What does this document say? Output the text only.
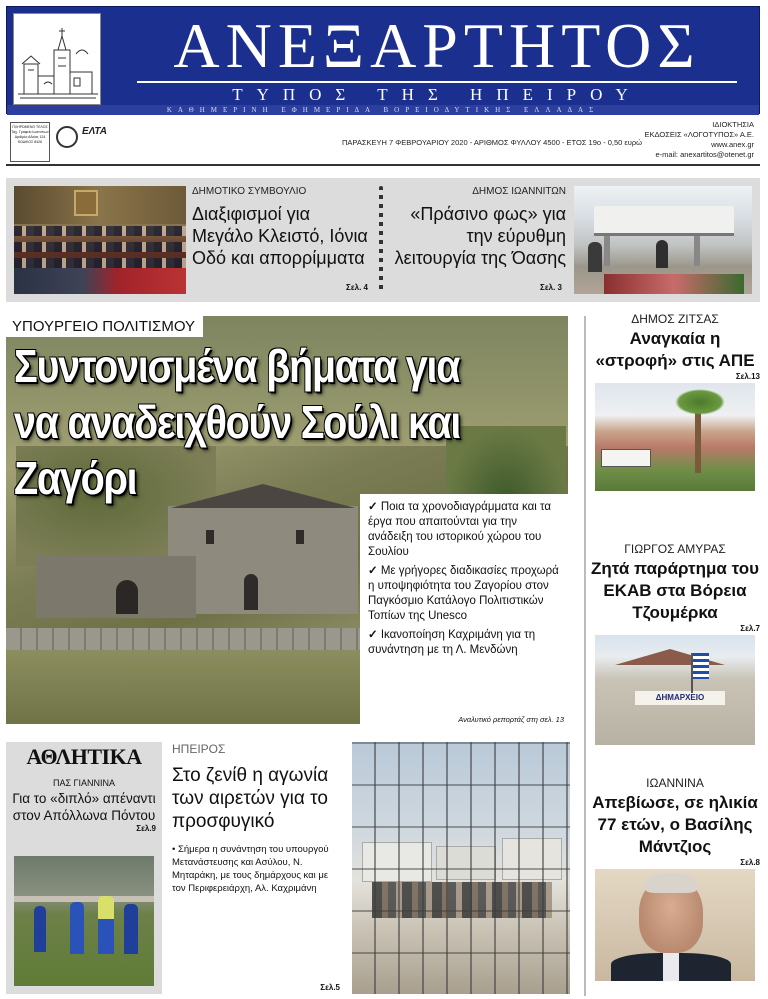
ΑΝΕΞΑΡΤΗΤΟΣ
ΤΥΠΟΣ ΤΗΣ ΗΠΕΙΡΟΥ
ΚΑΘΗΜΕΡΙΝΗ ΕΦΗΜΕΡΙΔΑ ΒΟΡΕΙΟΔΥΤΙΚΗΣ ΕΛΛΑΔΑΣ
ΠΛΗΡΩΜΕΝΟ ΤΕΛΟΣ Ταχ. Γραφείο Ιωαννίνων Αριθμός Αδείας 124 ΚΩΔΙΚΟΣ 8426
ΕΛΤΑ
ΠΑΡΑΣΚΕΥΗ 7 ΦΕΒΡΟΥΑΡΙΟΥ 2020 - ΑΡΙΘΜΟΣ ΦΥΛΛΟΥ 4500 - ΕΤΟΣ 19ο - 0,50 ευρώ
ΙΔΙΟΚΤΗΣΙΑ
ΕΚΔΟΣΕΙΣ «ΛΟΓΟΤΥΠΟΣ» Α.Ε.
www.anex.gr
e-mail: anexartitos@otenet.gr
ΔΗΜΟΤΙΚΟ ΣΥΜΒΟΥΛΙΟ
Διαξιφισμοί για Μεγάλο Κλειστό, Ιόνια Οδό και απορρίμματα
Σελ. 4
ΔΗΜΟΣ ΙΩΑΝΝΙΤΩΝ
«Πράσινο φως» για την εύρυθμη λειτουργία της Όασης
Σελ. 3
ΥΠΟΥΡΓΕΙΟ ΠΟΛΙΤΙΣΜΟΥ
Συντονισμένα βήματα για να αναδειχθούν Σούλι και Ζαγόρι
✓ Ποια τα χρονοδιαγράμματα και τα έργα που απαιτούνται για την ανάδειξη του ιστορικού χώρου του Σουλίου
✓ Με γρήγορες διαδικασίες προχωρά η υποψηφιότητα του Ζαγορίου στον Παγκόσμιο Κατάλογο Πολιτιστικών Τοπίων της Unesco
✓ Ικανοποίηση Καχριμάνη για τη συνάντηση με τη Λ. Μενδώνη
Αναλυτικό ρεπορτάζ στη σελ. 13
ΔΗΜΟΣ ΖΙΤΣΑΣ
Αναγκαία η «στροφή» στις ΑΠΕ
Σελ.13
ΓΙΩΡΓΟΣ ΑΜΥΡΑΣ
Ζητά παράρτημα του ΕΚΑΒ στα Βόρεια Τζουμέρκα
Σελ.7
ΔΗΜΑΡΧΕΙΟ
ΙΩΑΝΝΙΝΑ
Απεβίωσε, σε ηλικία 77 ετών, ο Βασίλης Μάντζιος
Σελ.8
ΑΘΛΗΤΙΚΑ
ΠΑΣ ΓΙΑΝΝΙΝΑ
Για το «διπλό» απέναντι στον Απόλλωνα Πόντου
Σελ.9
ΗΠΕΙΡΟΣ
Στο ζενίθ η αγωνία των αιρετών για το προσφυγικό
• Σήμερα η συνάντηση του υπουργού Μετανάστευσης και Ασύλου, Ν. Μηταράκη, με τους δημάρχους και με τον Περιφερειάρχη, Αλ. Καχριμάνη
Σελ.5
